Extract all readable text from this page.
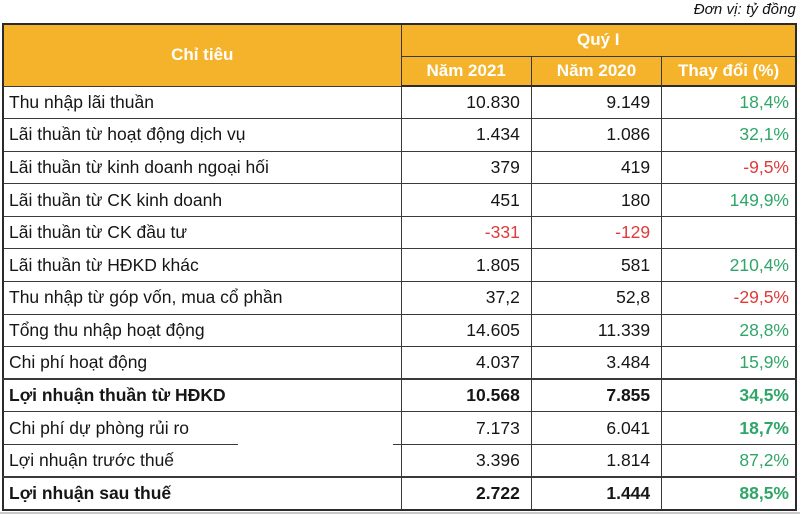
Đơn vị: tỷ đồng
Chỉ tiêu	Quý I		
	Năm 2021	Năm 2020	Thay đổi (%)
Thu nhập lãi thuần	10.830	9.149	18,4%
Lãi thuần từ hoạt động dịch vụ	1.434	1.086	32,1%
Lãi thuần từ kinh doanh ngoại hối	379	419	-9,5%
Lãi thuần từ CK kinh doanh	451	180	149,9%
Lãi thuần từ CK đầu tư	-331	-129	
Lãi thuần từ HĐKD khác	1.805	581	210,4%
Thu nhập từ góp vốn, mua cổ phần	37,2	52,8	-29,5%
Tổng thu nhập hoạt động	14.605	11.339	28,8%
Chi phí hoạt động	4.037	3.484	15,9%
Lợi nhuận thuần từ HĐKD	10.568	7.855	34,5%
Chi phí dự phòng rủi ro	7.173	6.041	18,7%
Lợi nhuận trước thuế	3.396	1.814	87,2%
Lợi nhuận sau thuế	2.722	1.444	88,5%
